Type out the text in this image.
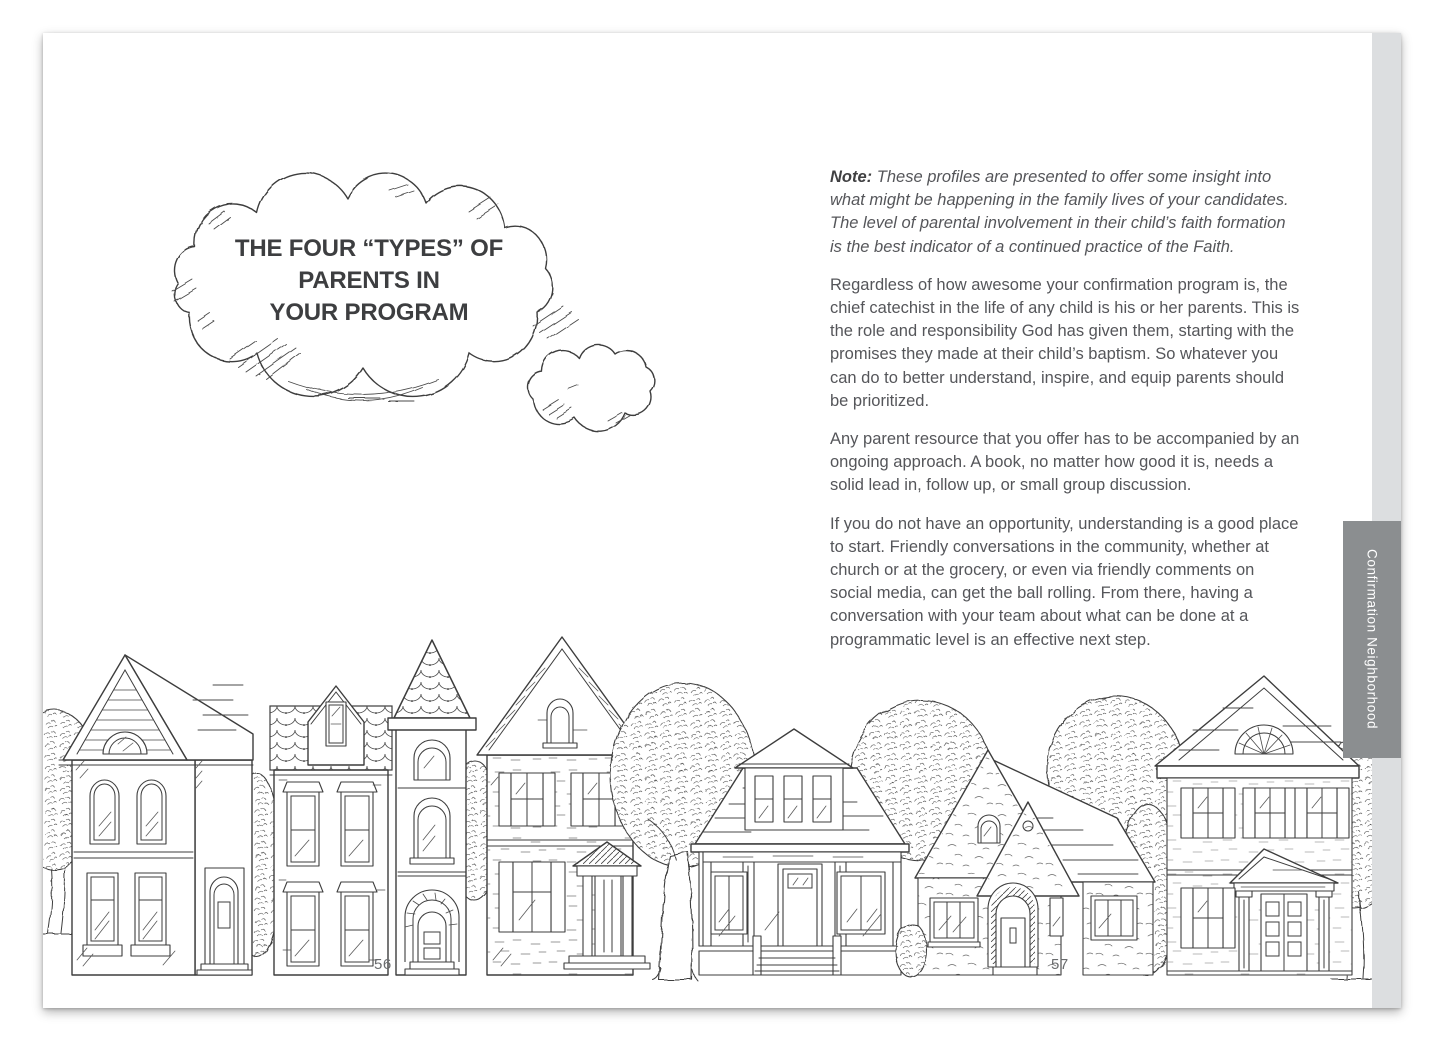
THE FOUR “TYPES” OF
PARENTS IN
YOUR PROGRAM

Note: These profiles are presented to offer some insight into what might be happening in the family lives of your candidates. The level of parental involvement in their child’s faith formation is the best indicator of a continued practice of the Faith.

Regardless of how awesome your confirmation program is, the chief catechist in the life of any child is his or her parents. This is the role and responsibility God has given them, starting with the promises they made at their child’s baptism. So whatever you can do to better understand, inspire, and equip parents should be prioritized.

Any parent resource that you offer has to be accompanied by an ongoing approach. A book, no matter how good it is, needs a solid lead in, follow up, or small group discussion.

If you do not have an opportunity, understanding is a good place to start. Friendly conversations in the community, whether at church or at the grocery, or even via friendly comments on social media, can get the ball rolling. From there, having a conversation with your team about what can be done at a programmatic level is an effective next step.

56	57
Confirmation Neighborhood
